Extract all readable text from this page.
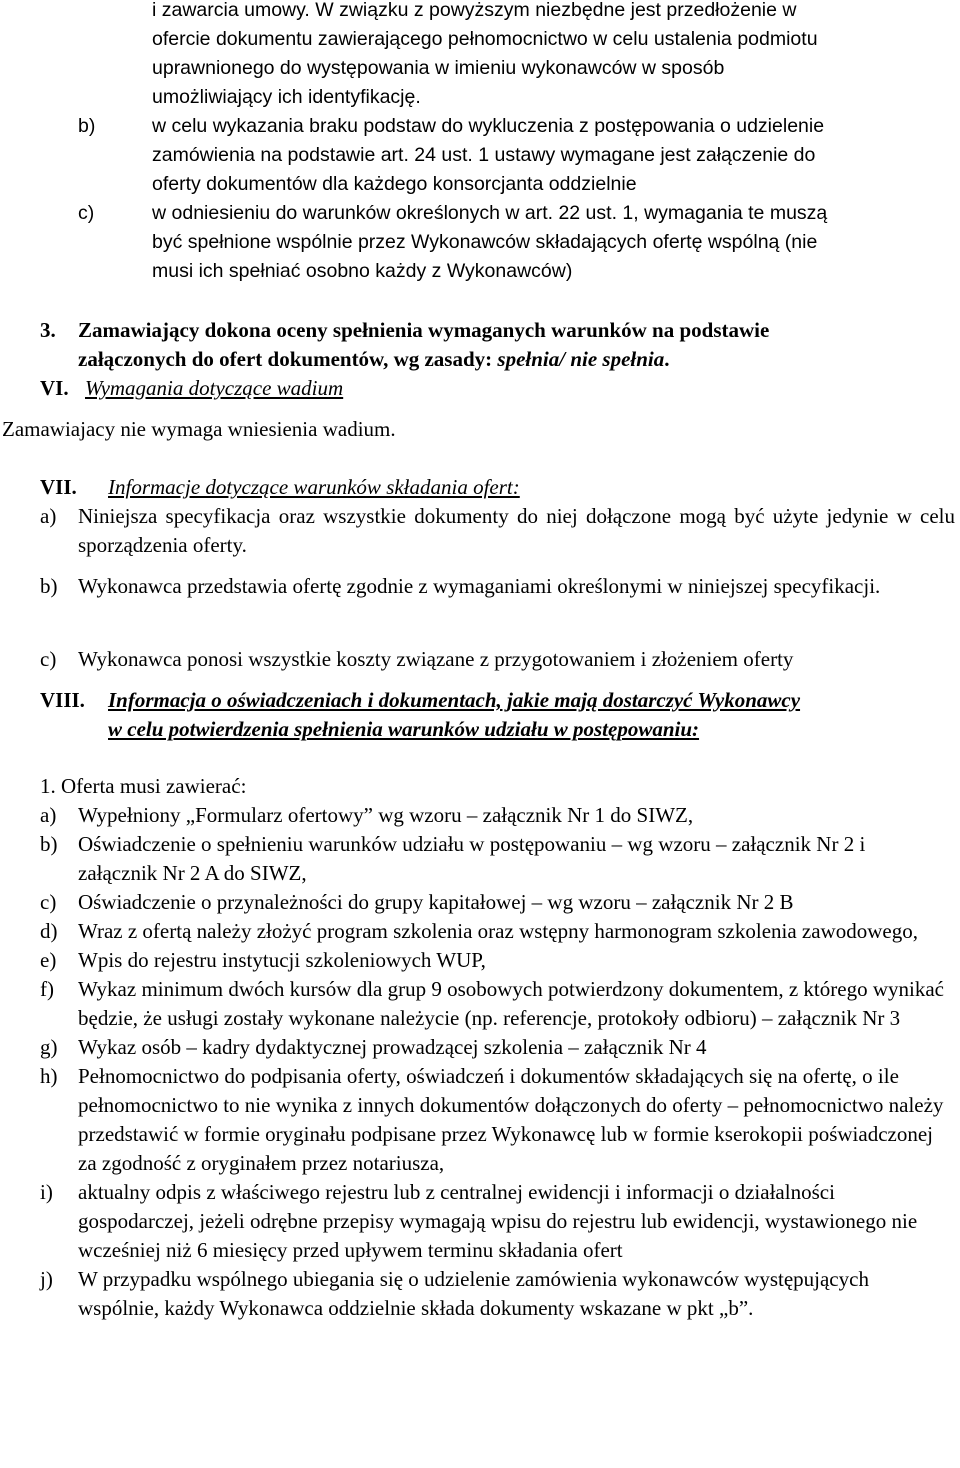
i zawarcia umowy. W związku z powyższym niezbędne jest przedłożenie w
ofercie dokumentu zawierającego pełnomocnictwo w celu ustalenia podmiotu
uprawnionego do występowania w imieniu wykonawców w sposób
umożliwiający ich identyfikację.
b)	w celu wykazania braku podstaw do wykluczenia z postępowania o udzielenie
zamówienia na podstawie art. 24 ust. 1 ustawy wymagane jest załączenie do
oferty dokumentów dla każdego konsorcjanta oddzielnie
c)	w odniesieniu do warunków określonych w art. 22 ust. 1, wymagania te muszą
być spełnione wspólnie przez Wykonawców składających ofertę wspólną (nie
musi ich spełniać osobno każdy z Wykonawców)
3.	Zamawiający dokona oceny spełnienia wymaganych warunków na podstawie
załączonych do ofert dokumentów, wg zasady: spełnia/ nie spełnia.
VI. Wymagania dotyczące wadium
Zamawiajacy nie wymaga wniesienia wadium.
VII.	Informacje dotyczące warunków składania ofert:
a)	Niniejsza specyfikacja oraz wszystkie dokumenty do niej dołączone mogą być użyte jedynie w celu sporządzenia oferty.
b) Wykonawca przedstawia ofertę zgodnie z wymaganiami określonymi w niniejszej specyfikacji.
c)	Wykonawca ponosi wszystkie koszty związane z przygotowaniem i złożeniem oferty
VIII.	Informacja o oświadczeniach i dokumentach, jakie mają dostarczyć Wykonawcy
w celu potwierdzenia spełnienia warunków udziału w postępowaniu:
1. Oferta musi zawierać:
a)	Wypełniony „Formularz ofertowy” wg wzoru – załącznik Nr 1 do SIWZ,
b) Oświadczenie o spełnieniu warunków udziału w postępowaniu – wg wzoru – załącznik Nr 2 i załącznik Nr 2 A do SIWZ,
c)	Oświadczenie o przynależności do grupy kapitałowej – wg wzoru – załącznik Nr 2 B
d) Wraz z ofertą należy złożyć program szkolenia oraz wstępny harmonogram szkolenia zawodowego,
e)	Wpis do rejestru instytucji szkoleniowych WUP,
f)	Wykaz minimum dwóch kursów dla grup 9 osobowych potwierdzony dokumentem, z którego wynikać będzie, że usługi zostały wykonane należycie (np. referencje, protokoły odbioru) – załącznik Nr 3
g) Wykaz osób – kadry dydaktycznej prowadzącej szkolenia – załącznik Nr 4
h) Pełnomocnictwo do podpisania oferty, oświadczeń i dokumentów składających się na ofertę, o ile pełnomocnictwo to nie wynika z innych dokumentów dołączonych do oferty – pełnomocnictwo należy przedstawić w formie oryginału podpisane przez Wykonawcę lub w formie kserokopii poświadczonej za zgodność z oryginałem przez notariusza,
i)	aktualny odpis z właściwego rejestru lub z centralnej ewidencji i informacji o działalności gospodarczej, jeżeli odrębne przepisy wymagają wpisu do rejestru lub ewidencji, wystawionego nie wcześniej niż 6 miesięcy przed upływem terminu składania ofert
j)	W przypadku wspólnego ubiegania się o udzielenie zamówienia wykonawców występujących wspólnie, każdy Wykonawca oddzielnie składa dokumenty wskazane w pkt „b”.
